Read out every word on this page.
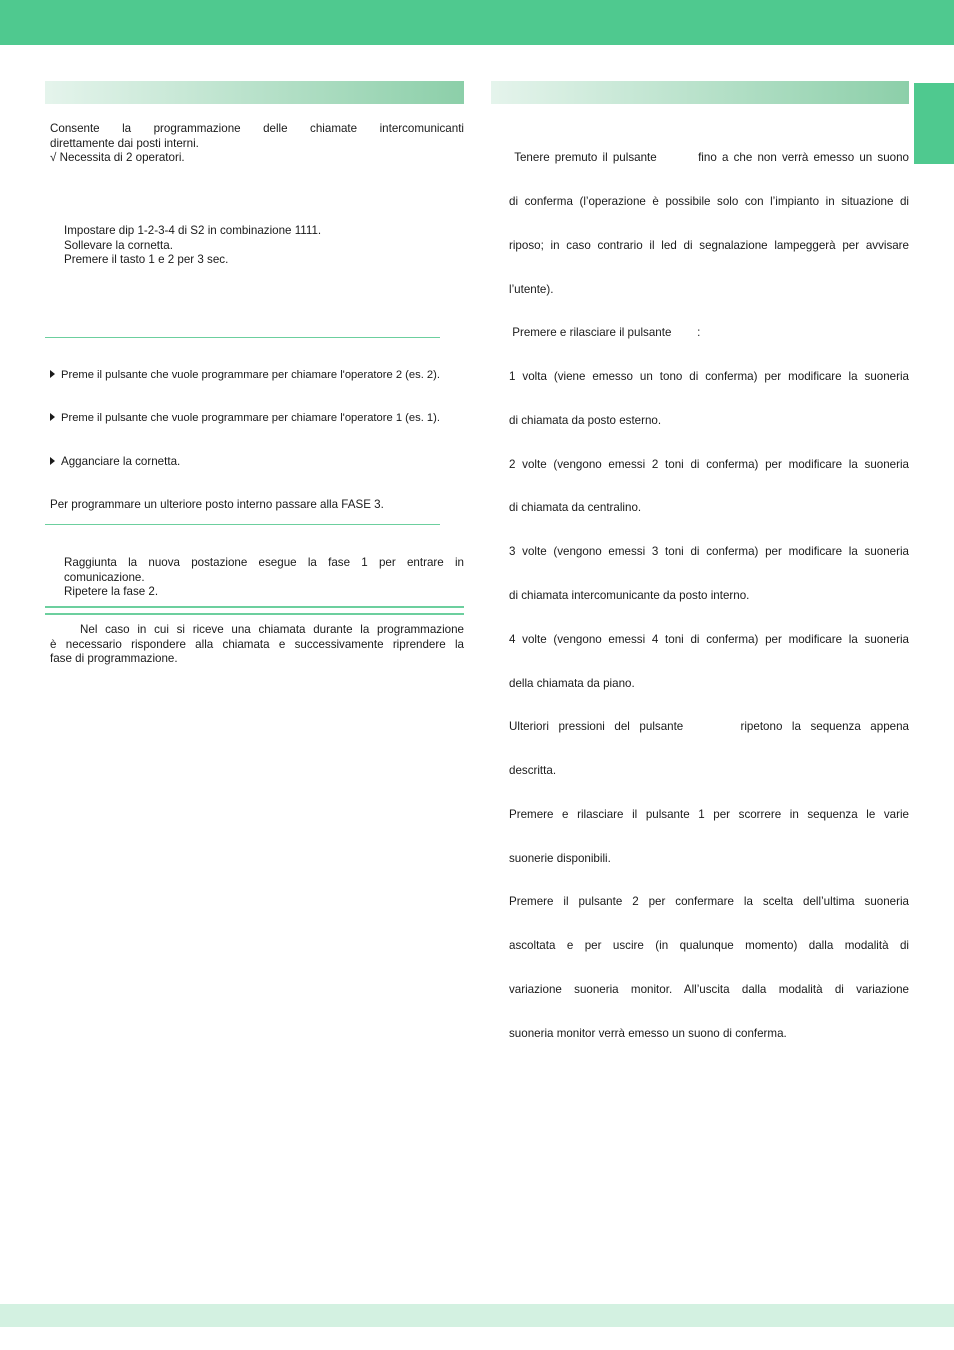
Consente la programmazione delle chiamate intercomunicanti

direttamente dai posti interni.

√ Necessita di 2 operatori.

Impostare dip 1-2-3-4 di S2 in combinazione 1111.

Sollevare la cornetta.

Premere il tasto 1 e 2 per 3 sec.

Preme il pulsante che vuole programmare per chiamare l'operatore 2 (es. 2).
Preme il pulsante che vuole programmare per chiamare l'operatore 1 (es. 1).
Agganciare la cornetta.
Per programmare un ulteriore posto interno passare alla FASE 3.

Raggiunta la nuova postazione esegue la fase 1 per entrare in

comunicazione.

Ripetere la fase 2.

Nel caso in cui si riceve una chiamata durante la programmazione

è necessario rispondere alla chiamata e successivamente riprendere la

fase di programmazione.

Tenere premuto il pulsante        fino a che non verrà emesso un suono

di conferma (l’operazione è possibile solo con l’impianto in situazione di

riposo; in caso contrario il led di segnalazione lampeggerà per avvisare

l’utente).

Premere e rilasciare il pulsante        :

1 volta (viene emesso un tono di conferma) per modificare la suoneria

di chiamata da posto esterno.

2 volte (vengono emessi 2 toni di conferma) per modificare la suoneria

di chiamata da centralino.

3 volte (vengono emessi 3 toni di conferma) per modificare la suoneria

di chiamata intercomunicante da posto interno.

4 volte (vengono emessi 4 toni di conferma) per modificare la suoneria

della chiamata da piano.

Ulteriori pressioni del pulsante      ripetono la sequenza appena

descritta.

Premere e rilasciare il pulsante 1 per scorrere in sequenza le varie

suonerie disponibili.

Premere il pulsante 2 per confermare la scelta dell’ultima suoneria

ascoltata e per uscire (in qualunque momento) dalla modalità di

variazione suoneria monitor. All’uscita dalla modalità di variazione

suoneria monitor verrà emesso un suono di conferma.
